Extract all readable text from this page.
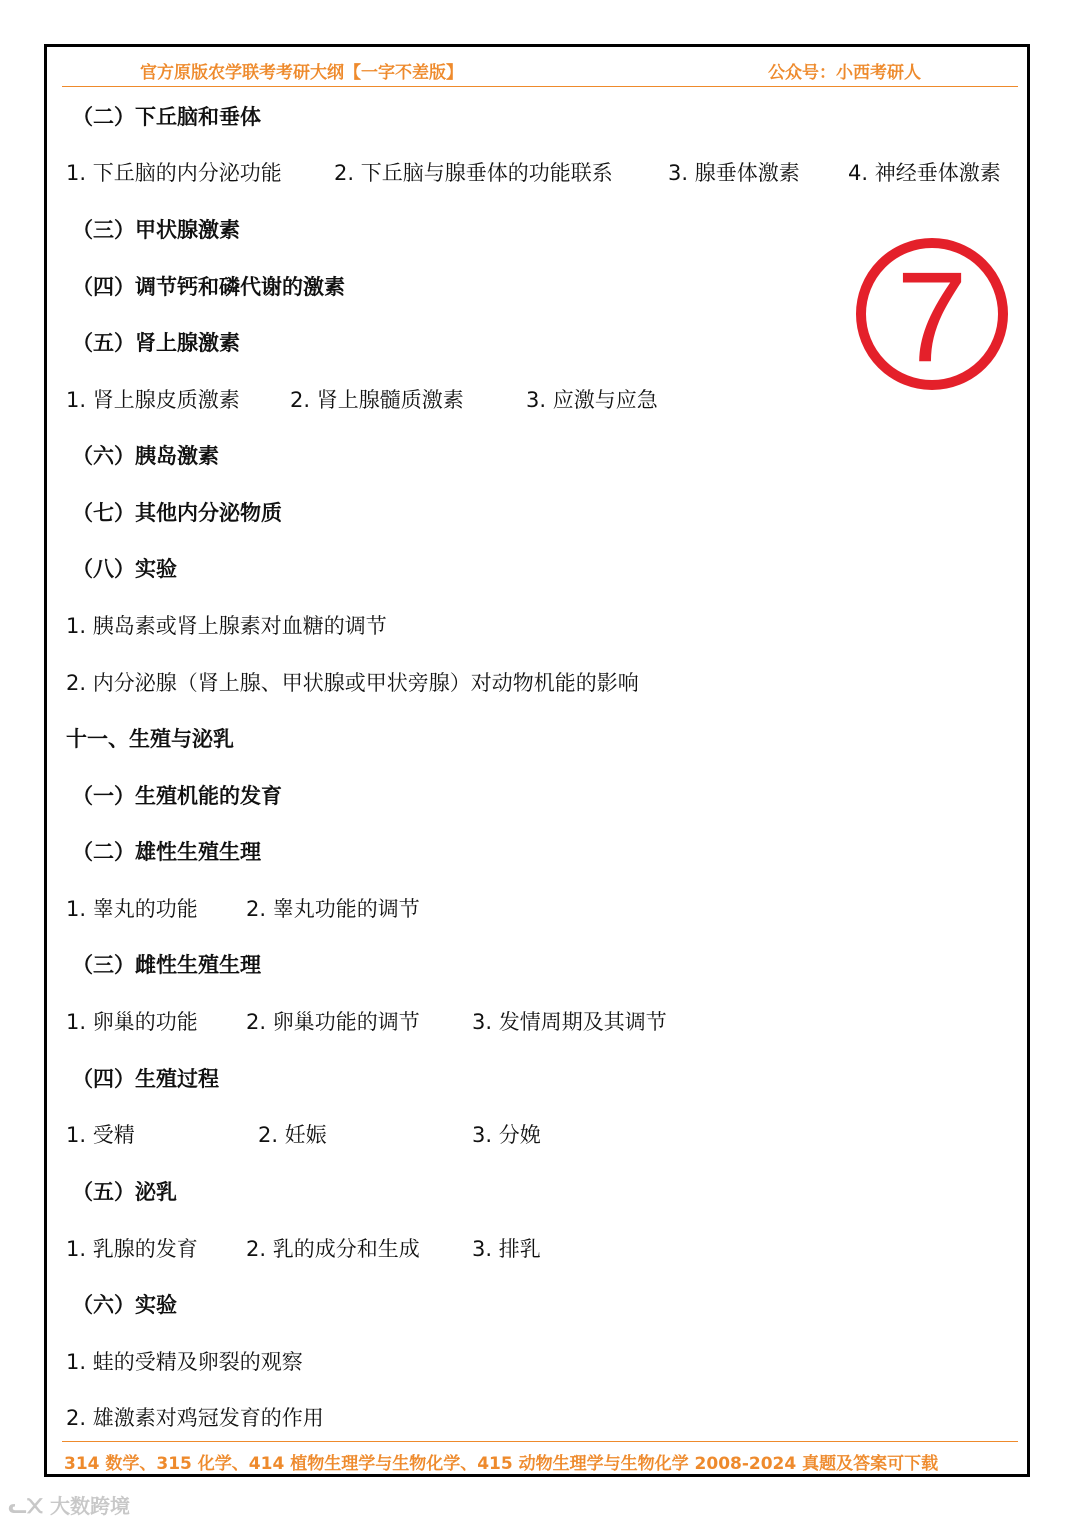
官方原版农学联考考研大纲【一字不差版】	公众号：小西考研人
（二）下丘脑和垂体
1. 下丘脑的内分泌功能 2. 下丘脑与腺垂体的功能联系	3. 腺垂体激素 4. 神经垂体激素
（三）甲状腺激素
（四）调节钙和磷代谢的激素
（五）肾上腺激素
1. 肾上腺皮质激素 2. 肾上腺髓质激素	3. 应激与应急
（六）胰岛激素
（七）其他内分泌物质
（八）实验
1. 胰岛素或肾上腺素对血糖的调节
2. 内分泌腺（肾上腺、甲状腺或甲状旁腺）对动物机能的影响
十一、生殖与泌乳
（一）生殖机能的发育
（二）雄性生殖生理
1. 睾丸的功能 2. 睾丸功能的调节
（三）雌性生殖生理
1. 卵巢的功能 2. 卵巢功能的调节 3. 发情周期及其调节
（四）生殖过程
1. 受精	2. 妊娠	3. 分娩
（五）泌乳
1. 乳腺的发育 2. 乳的成分和生成 3. 排乳
（六）实验
1. 蛙的受精及卵裂的观察
2. 雄激素对鸡冠发育的作用
314 数学、315 化学、414 植物生理学与生物化学、415 动物生理学与生物化学 2008-2024 真题及答案可下载
7
ᓚ᙭ 大数跨境
